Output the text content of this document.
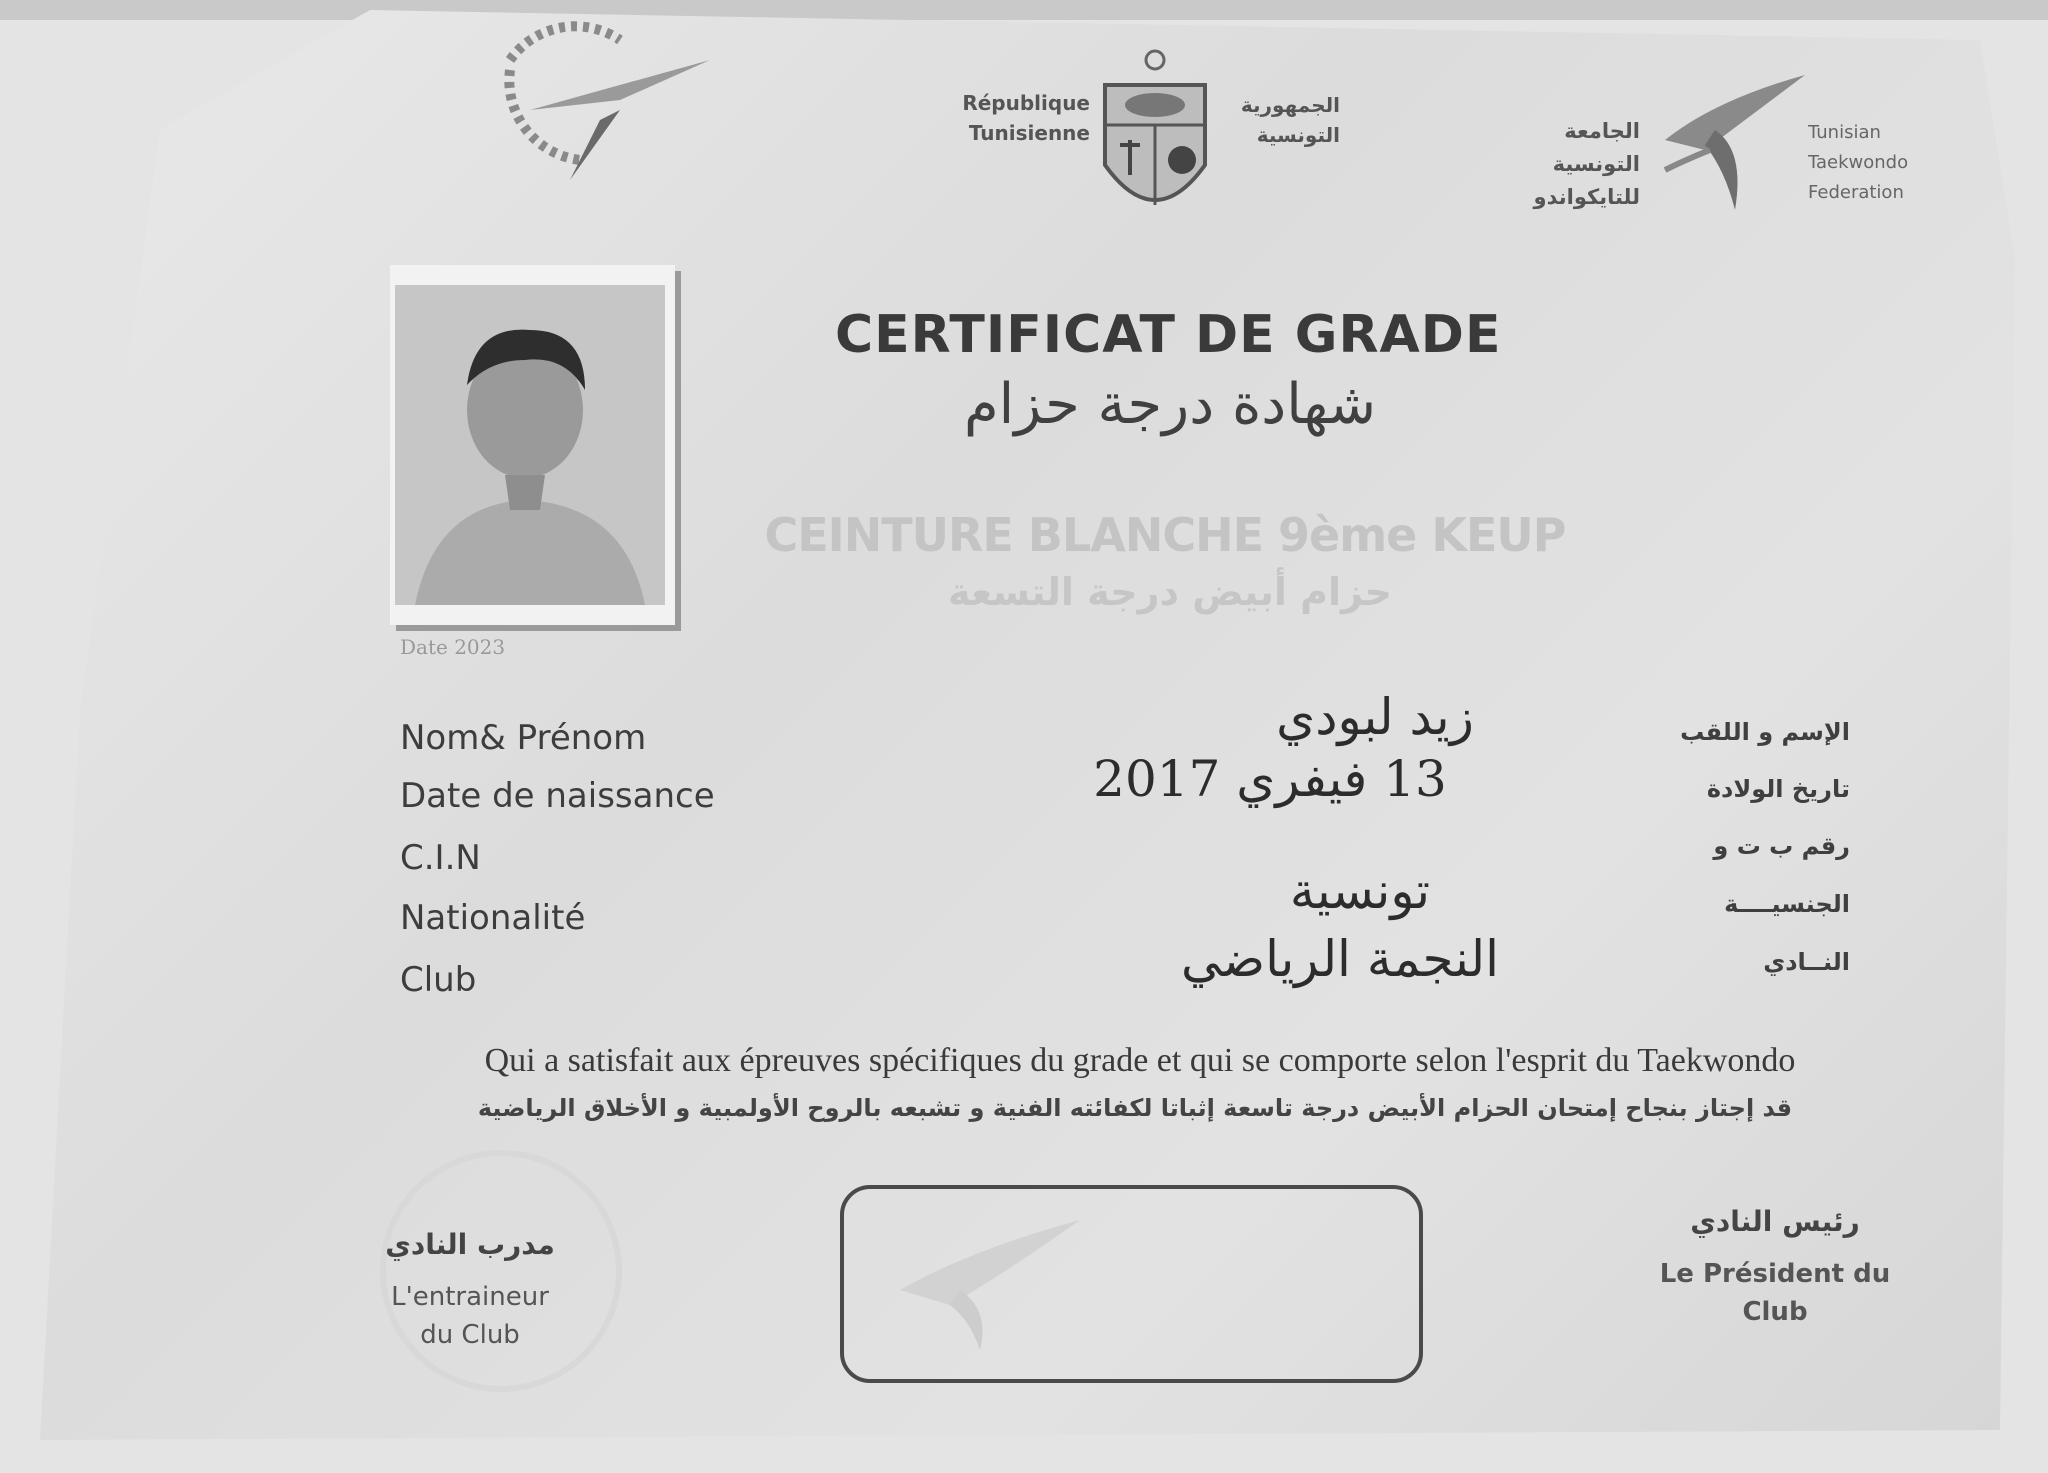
République
Tunisienne
الجمهورية
التونسية	الجامعة
التونسية
للتايكواندو
Tunisian
Taekwondo
Federation
Date 2023
CERTIFICAT DE GRADE
شهادة درجة حزام
CEINTURE BLANCHE 9ème KEUP
حزام أبيض درجة التسعة
Nom& Prénom
Date de naissance
C.I.N
Nationalité
Club
الإسم و اللقب
تاريخ الولادة
رقم ب ت و
الجنسيــــة
النــادي
زيد لبودي
13 فيفري 2017
تونسية
النجمة الرياضي
Qui a satisfait aux épreuves spécifiques du grade et qui se comporte selon l'esprit du Taekwondo
قد إجتاز بنجاح إمتحان الحزام الأبيض درجة تاسعة إثباتا لكفائته الفنية و تشبعه بالروح الأولمبية و الأخلاق الرياضية
مدرب النادي
L'entraineur
du Club
رئيس النادي
Le Président du
Club
